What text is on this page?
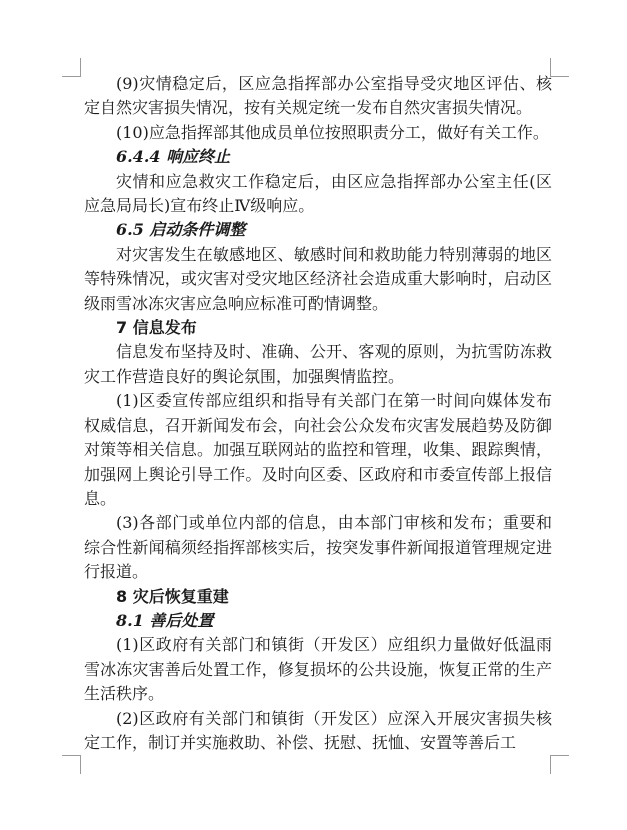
(9)灾情稳定后，区应急指挥部办公室指导受灾地区评估、核定自然灾害损失情况，按有关规定统一发布自然灾害损失情况。

(10)应急指挥部其他成员单位按照职责分工，做好有关工作。

6.4.4 响应终止

灾情和应急救灾工作稳定后，由区应急指挥部办公室主任(区应急局局长)宣布终止Ⅳ级响应。

6.5 启动条件调整

对灾害发生在敏感地区、敏感时间和救助能力特别薄弱的地区等特殊情况，或灾害对受灾地区经济社会造成重大影响时，启动区级雨雪冰冻灾害应急响应标准可酌情调整。

7 信息发布

信息发布坚持及时、准确、公开、客观的原则，为抗雪防冻救灾工作营造良好的舆论氛围，加强舆情监控。

(1)区委宣传部应组织和指导有关部门在第一时间向媒体发布权威信息，召开新闻发布会，向社会公众发布灾害发展趋势及防御对策等相关信息。加强互联网站的监控和管理，收集、跟踪舆情，加强网上舆论引导工作。及时向区委、区政府和市委宣传部上报信息。

(3)各部门或单位内部的信息，由本部门审核和发布；重要和综合性新闻稿须经指挥部核实后，按突发事件新闻报道管理规定进行报道。

8 灾后恢复重建
8.1 善后处置

(1)区政府有关部门和镇街（开发区）应组织力量做好低温雨雪冰冻灾害善后处置工作，修复损坏的公共设施，恢复正常的生产生活秩序。

(2)区政府有关部门和镇街（开发区）应深入开展灾害损失核定工作，制订并实施救助、补偿、抚慰、抚恤、安置等善后工
